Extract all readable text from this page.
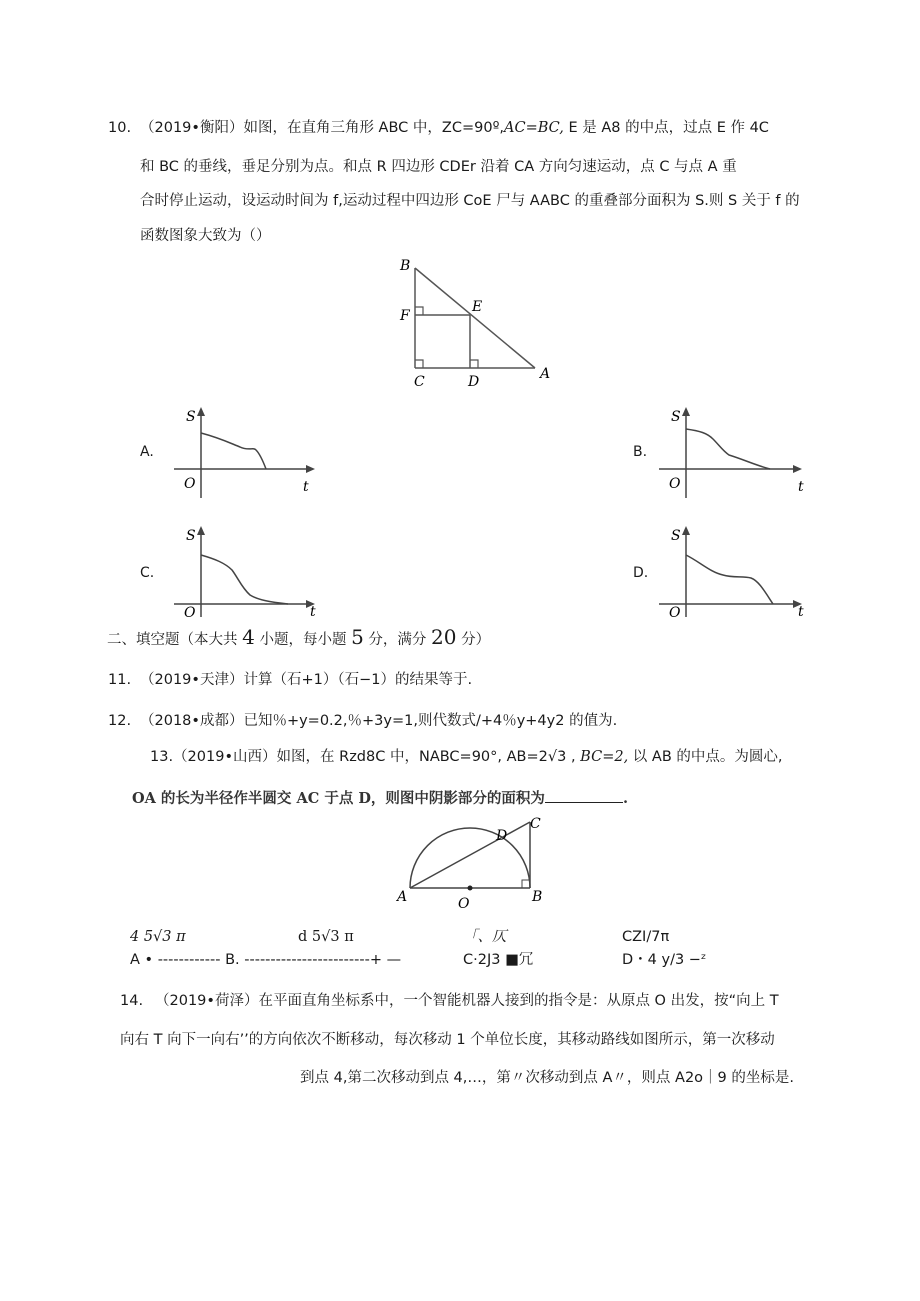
10. （2019•衡阳）如图，在直角三角形 ABC 中，ZC=90º,AC=BC, E 是 A8 的中点，过点 E 作 4C
和 BC 的垂线，垂足分别为点。和点 R 四边形 CDEr 沿着 CA 方向匀速运动，点 C 与点 A 重
合时停止运动，设运动时间为 f,运动过程中四边形 CoE 尸与 AABC 的重叠部分面积为 S.则 S 关于 f 的
函数图象大致为（）
B
F
E
C	D	A
A.
S
O	t
B.
S
O	t
C.
S
O	t
D.
S
O	t
二、填空题（本大共 4 小题，每小题 5 分，满分 20 分）
11. （2019•天津）计算（石+1）（石−1）的结果等于.
12. （2018•成都）已知％+y=0.2,％+3y=1,则代数式/+4％y+4y2 的值为.
13.（2019•山西）如图，在 Rzd8C 中，NABC=90°, AB=2√3 , BC=2, 以 AB 的中点。为圆心,
OA 的长为半径作半圆交 AC 于点 D，则图中阴影部分的面积为	.
A	O	B
C
D
4 5√3 π	d 5√3 π	「、仄	CZI/7π
A • ------------ B. ------------------------+ —	C·2J3 ■冗	D・4 y/3 −ᶻ
14. （2019•荷泽）在平面直角坐标系中，一个智能机器人接到的指令是：从原点 O 出发，按“向上 T
向右 T 向下一向右’’的方向依次不断移动，每次移动 1 个单位长度，其移动路线如图所示，第一次移动
到点 4,第二次移动到点 4,…，第〃次移动到点 A〃，则点 A2o｜9 的坐标是.
